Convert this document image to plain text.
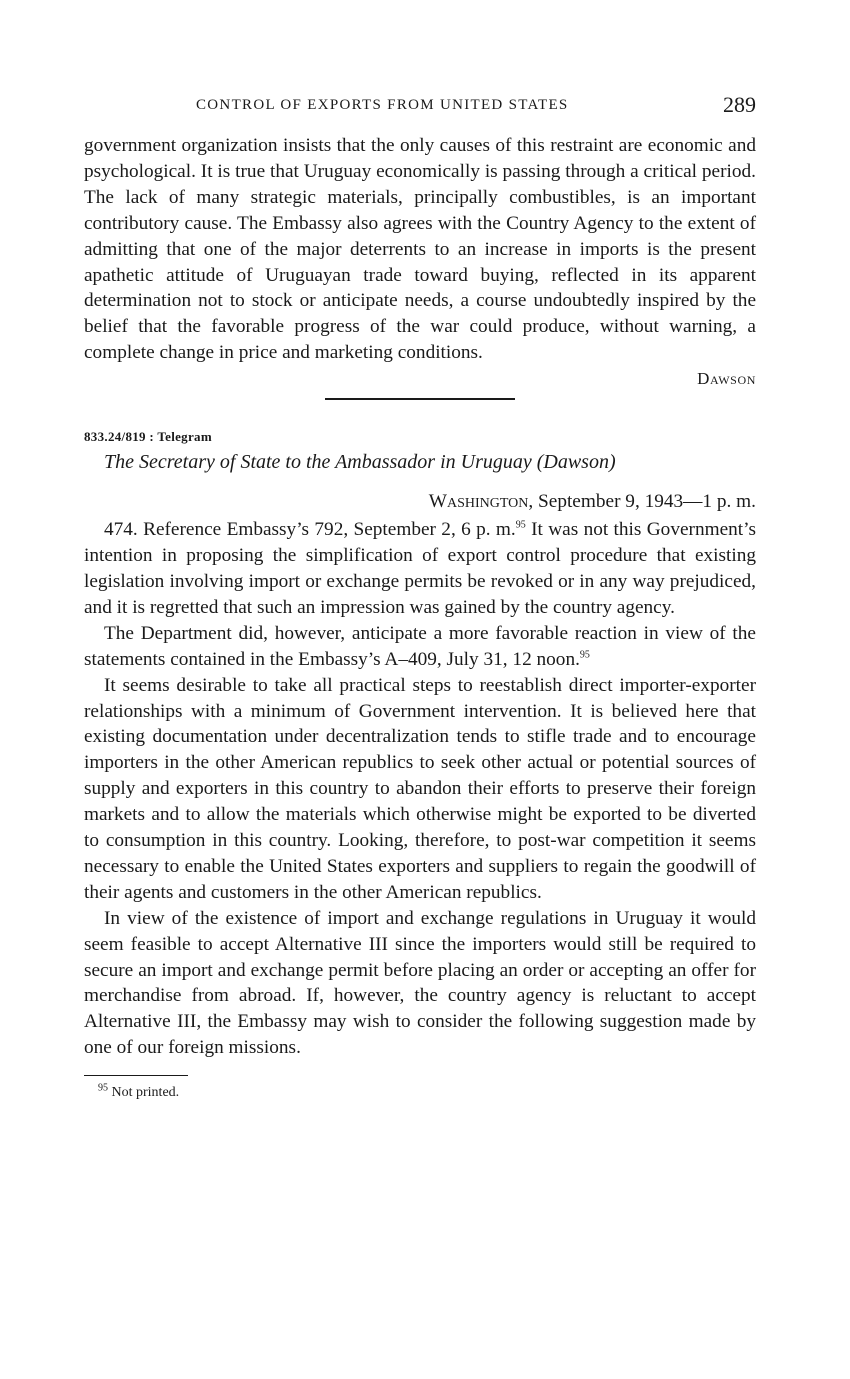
CONTROL OF EXPORTS FROM UNITED STATES	289

government organization insists that the only causes of this restraint are economic and psychological. It is true that Uruguay economically is passing through a critical period. The lack of many strategic materials, principally combustibles, is an important contributory cause. The Embassy also agrees with the Country Agency to the extent of admitting that one of the major deterrents to an increase in imports is the present apathetic attitude of Uruguayan trade toward buying, reflected in its apparent determination not to stock or anticipate needs, a course undoubtedly inspired by the belief that the favorable progress of the war could produce, without warning, a complete change in price and marketing conditions.

Dawson
833.24/819 : Telegram
The Secretary of State to the Ambassador in Uruguay (Dawson)
Washington, September 9, 1943—1 p. m.

474. Reference Embassy’s 792, September 2, 6 p. m.$^{95}$ It was not this Government’s intention in proposing the simplification of export control procedure that existing legislation involving import or exchange permits be revoked or in any way prejudiced, and it is regretted that such an impression was gained by the country agency.

The Department did, however, anticipate a more favorable reaction in view of the statements contained in the Embassy’s A–409, July 31, 12 noon.$^{95}$

It seems desirable to take all practical steps to reestablish direct importer-exporter relationships with a minimum of Government intervention. It is believed here that existing documentation under decentralization tends to stifle trade and to encourage importers in the other American republics to seek other actual or potential sources of supply and exporters in this country to abandon their efforts to preserve their foreign markets and to allow the materials which otherwise might be exported to be diverted to consumption in this country. Looking, therefore, to post-war competition it seems necessary to enable the United States exporters and suppliers to regain the goodwill of their agents and customers in the other American republics.

In view of the existence of import and exchange regulations in Uruguay it would seem feasible to accept Alternative III since the importers would still be required to secure an import and exchange permit before placing an order or accepting an offer for merchandise from abroad. If, however, the country agency is reluctant to accept Alternative III, the Embassy may wish to consider the following suggestion made by one of our foreign missions.

$^{95}$ Not printed.
